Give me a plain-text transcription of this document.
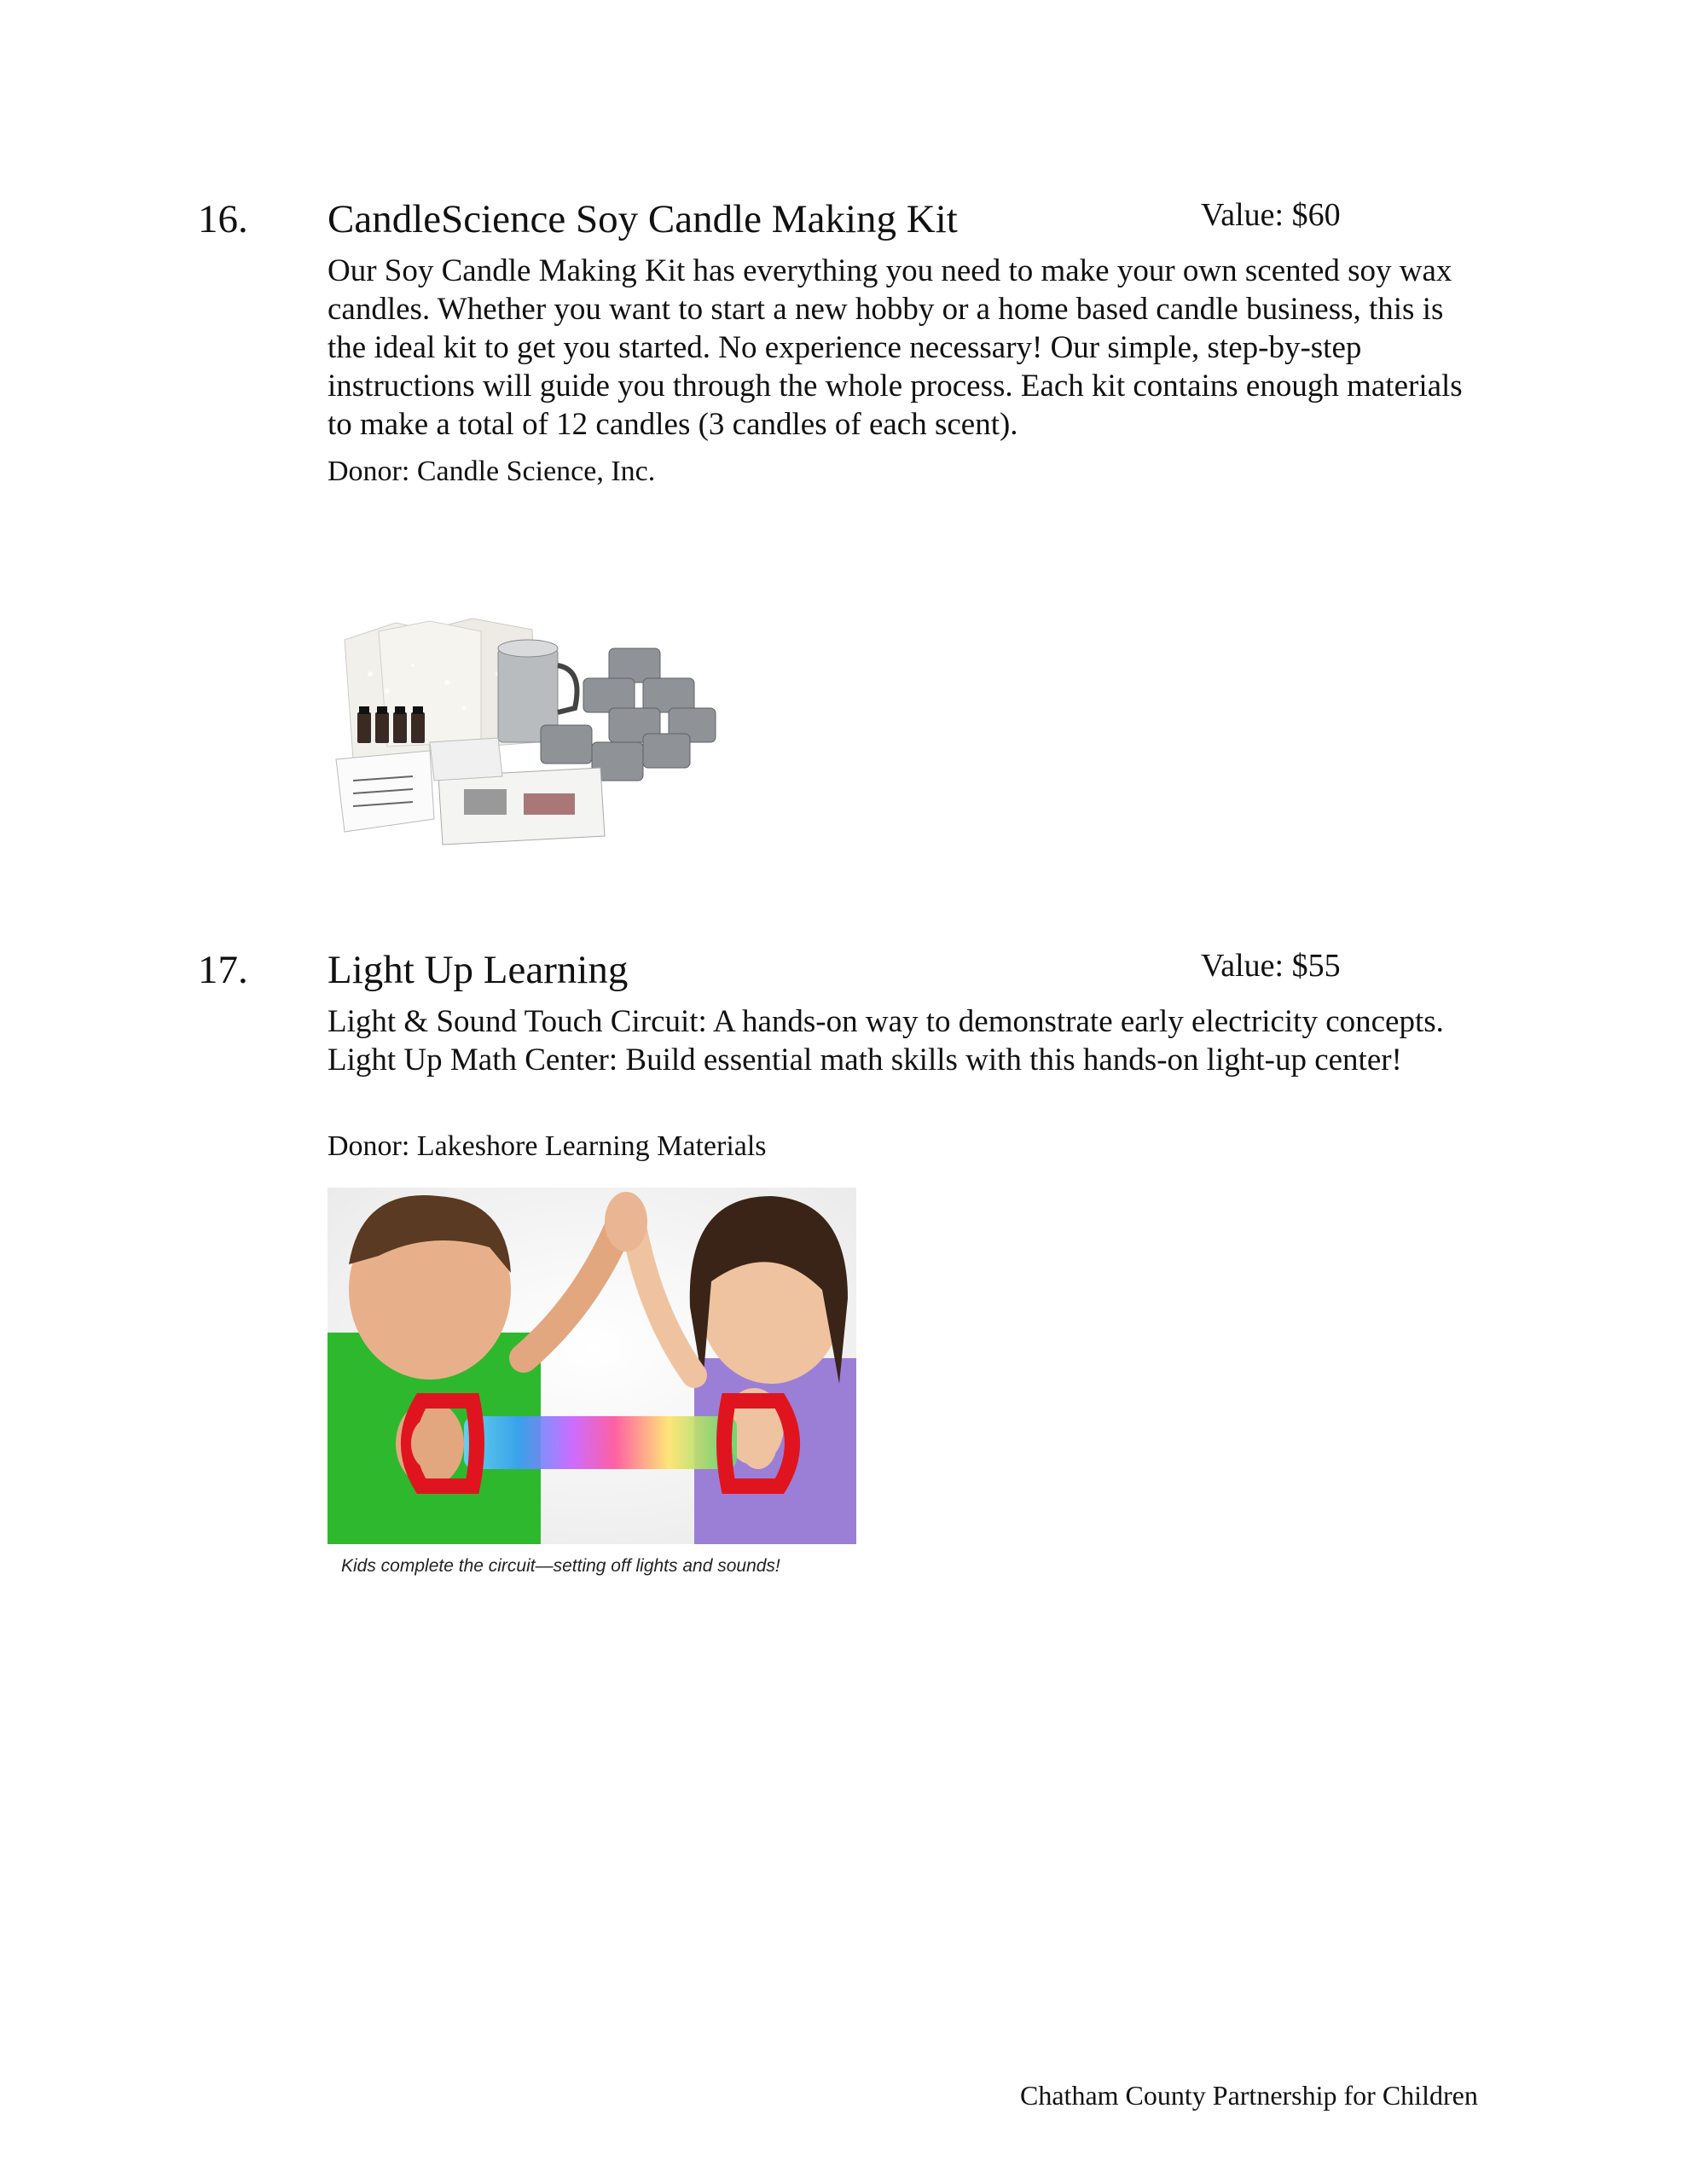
16. CandleScience Soy Candle Making Kit	Value: $60
Our Soy Candle Making Kit has everything you need to make your own scented soy wax candles. Whether you want to start a new hobby or a home based candle business, this is the ideal kit to get you started. No experience necessary! Our simple, step-by-step instructions will guide you through the whole process. Each kit contains enough materials to make a total of 12 candles (3 candles of each scent).
Donor: Candle Science, Inc.
17. Light Up Learning	Value: $55
Light & Sound Touch Circuit: A hands-on way to demonstrate early electricity concepts. Light Up Math Center: Build essential math skills with this hands-on light-up center!
Donor: Lakeshore Learning Materials
Kids complete the circuit—setting off lights and sounds!
Chatham County Partnership for Children
